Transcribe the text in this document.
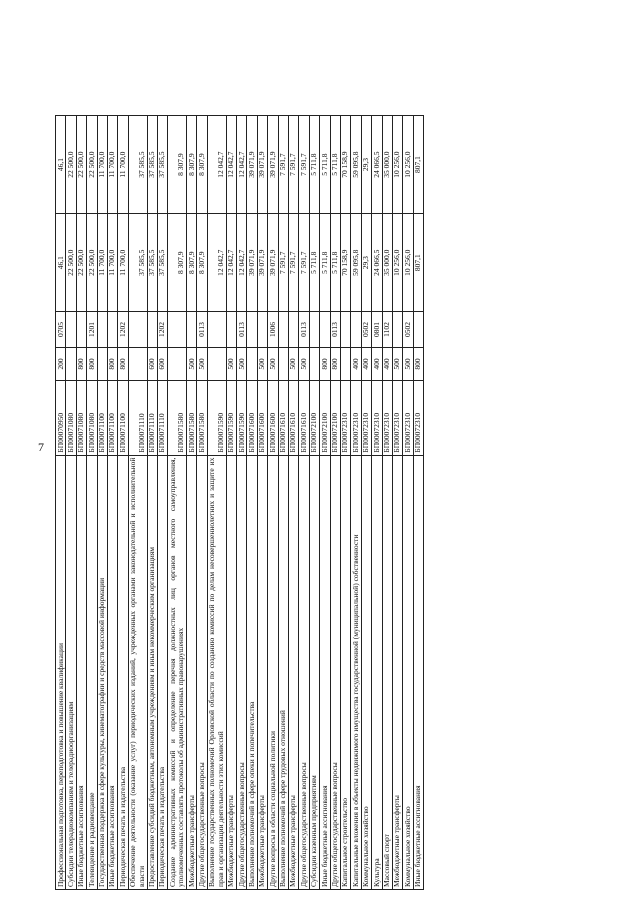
7
Профессиональная подготовка, переподготовка и повышение квалификации	БП00070950	200	0705	46,1	46,1
Субсидии телерадиокомпаниям и телерадиоорганизациям	БП00071080			22 500,0	22 500,0
Иные бюджетные ассигнования	БП00071080	800		22 500,0	22 500,0
Телевидение и радиовещание	БП00071080	800	1201	22 500,0	22 500,0
Государственная поддержка в сфере культуры, кинематографии и средств массовой информации	БП00071100			11 700,0	11 700,0
Иные бюджетные ассигнования	БП00071100	800		11 700,0	11 700,0
Периодическая печать и издательства	БП00071100	800	1202	11 700,0	11 700,0
Обеспечение деятельности (оказание услуг) периодических изданий, учрежденных органами законодательной и исполнительной власти	БП00071110			37 585,5	37 585,5
Предоставление субсидий бюджетным, автономным учреждениям и иным некоммерческим организациям	БП00071110	600		37 585,5	37 585,5
Периодическая печать и издательства	БП00071110	600	1202	37 585,5	37 585,5
Создание административных комиссий и определение перечня должностных лиц органов местного самоуправления, уполномоченных составлять протоколы об административных правонарушениях	БП00071580			8 307,9	8 307,9
Межбюджетные трансферты	БП00071580	500		8 307,9	8 307,9
Другие общегосударственные вопросы	БП00071580	500	0113	8 307,9	8 307,9
Выполнение государственных полномочий Орловской области по созданию комиссий по делам несовершеннолетних и защите их прав и организации деятельности этих комиссий	БП00071590			12 042,7	12 042,7
Межбюджетные трансферты	БП00071590	500		12 042,7	12 042,7
Другие общегосударственные вопросы	БП00071590	500	0113	12 042,7	12 042,7
Выполнение полномочий в сфере опеки и попечительства	БП00071600			39 071,9	39 071,9
Межбюджетные трансферты	БП00071600	500		39 071,9	39 071,9
Другие вопросы в области социальной политики	БП00071600	500	1006	39 071,9	39 071,9
Выполнение полномочий в сфере трудовых отношений	БП00071610			7 591,7	7 591,7
Межбюджетные трансферты	БП00071610	500		7 591,7	7 591,7
Другие общегосударственные вопросы	БП00071610	500	0113	7 591,7	7 591,7
Субсидии казенным предприятиям	БП00072100			5 711,8	5 711,8
Иные бюджетные ассигнования	БП00072100	800		5 711,8	5 711,8
Другие общегосударственные вопросы	БП00072100	800	0113	5 711,8	5 711,8
Капитальное строительство	БП00072310			70 158,9	70 158,9
Капитальные вложения в объекты недвижимого имущества государственной (муниципальной) собственности	БП00072310	400		59 095,8	59 095,8
Коммунальное хозяйство	БП00072310	400	0502	29,3	29,3
Культура	БП00072310	400	0801	24 066,5	24 066,5
Массовый спорт	БП00072310	400	1102	35 000,0	35 000,0
Межбюджетные трансферты	БП00072310	500		10 256,0	10 256,0
Коммунальное хозяйство	БП00072310	500	0502	10 256,0	10 256,0
Иные бюджетные ассигнования	БП00072310	800		807,1	807,1
